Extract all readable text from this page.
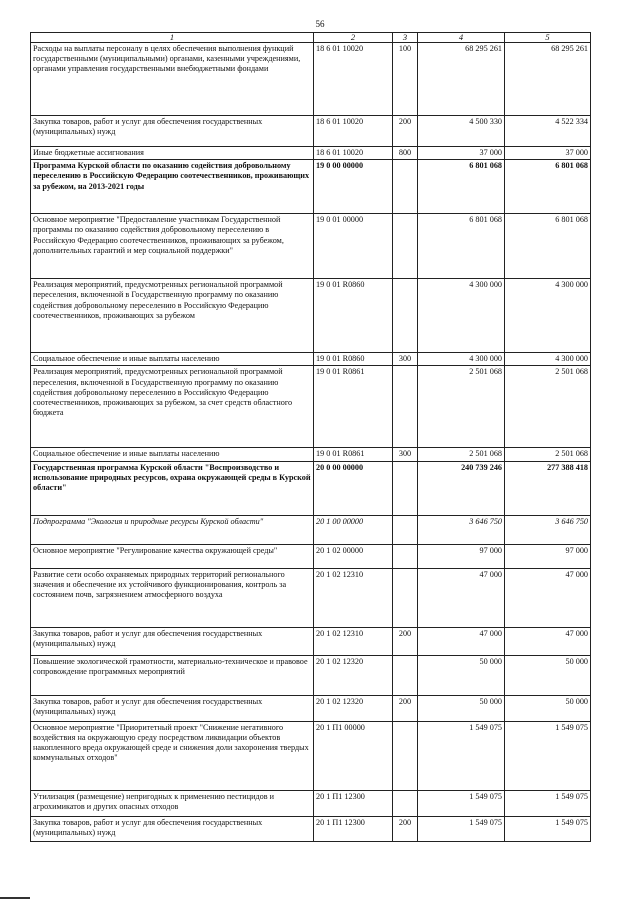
56
1	2	3	4	5
Расходы на выплаты персоналу в целях обеспечения выполнения функций государственными (муниципальными) органами, казенными учреждениями, органами управления государственными внебюджетными фондами	18 6 01 10020	100	68 295 261	68 295 261
Закупка товаров, работ и услуг для обеспечения государственных (муниципальных) нужд	18 6 01 10020	200	4 500 330	4 522 334
Иные бюджетные ассигнования	18 6 01 10020	800	37 000	37 000
Программа Курской области по оказанию содействия добровольному переселению в Российскую Федерацию соотечественников, проживающих за рубежом, на 2013-2021 годы	19 0 00 00000		6 801 068	6 801 068
Основное мероприятие "Предоставление участникам Государственной программы по оказанию содействия добровольному переселению в Российскую Федерацию соотечественников, проживающих за рубежом, дополнительных гарантий и мер социальной поддержки"	19 0 01 00000		6 801 068	6 801 068
Реализация мероприятий, предусмотренных региональной программой переселения, включенной в Государственную программу по оказанию содействия добровольному переселению в Российскую Федерацию соотечественников, проживающих за рубежом	19 0 01 R0860		4 300 000	4 300 000
Социальное обеспечение и иные выплаты населению	19 0 01 R0860	300	4 300 000	4 300 000
Реализация мероприятий, предусмотренных региональной программой переселения, включенной в Государственную программу по оказанию содействия добровольному переселению в Российскую Федерацию соотечественников, проживающих за рубежом, за счет средств областного бюджета	19 0 01 R0861		2 501 068	2 501 068
Социальное обеспечение и иные выплаты населению	19 0 01 R0861	300	2 501 068	2 501 068
Государственная программа Курской области "Воспроизводство и использование природных ресурсов, охрана окружающей среды в Курской области"	20 0 00 00000		240 739 246	277 388 418
Подпрограмма "Экология и природные ресурсы Курской области"	20 1 00 00000		3 646 750	3 646 750
Основное мероприятие "Регулирование качества окружающей среды"	20 1 02 00000		97 000	97 000
Развитие сети особо охраняемых природных территорий регионального значения и обеспечение их устойчивого функционирования, контроль за состоянием почв, загрязнением атмосферного воздуха	20 1 02 12310		47 000	47 000
Закупка товаров, работ и услуг для обеспечения государственных (муниципальных) нужд	20 1 02 12310	200	47 000	47 000
Повышение экологической грамотности, материально-техническое и правовое сопровождение программных мероприятий	20 1 02 12320		50 000	50 000
Закупка товаров, работ и услуг для обеспечения государственных (муниципальных) нужд	20 1 02 12320	200	50 000	50 000
Основное мероприятие "Приоритетный проект "Снижение негативного воздействия на окружающую среду посредством ликвидации объектов накопленного вреда окружающей среде и снижения доли захоронения твердых коммунальных отходов"	20 1 П1 00000		1 549 075	1 549 075
Утилизация (размещение) непригодных к применению пестицидов и агрохимикатов и других опасных отходов	20 1 П1 12300		1 549 075	1 549 075
Закупка товаров, работ и услуг для обеспечения государственных (муниципальных) нужд	20 1 П1 12300	200	1 549 075	1 549 075
